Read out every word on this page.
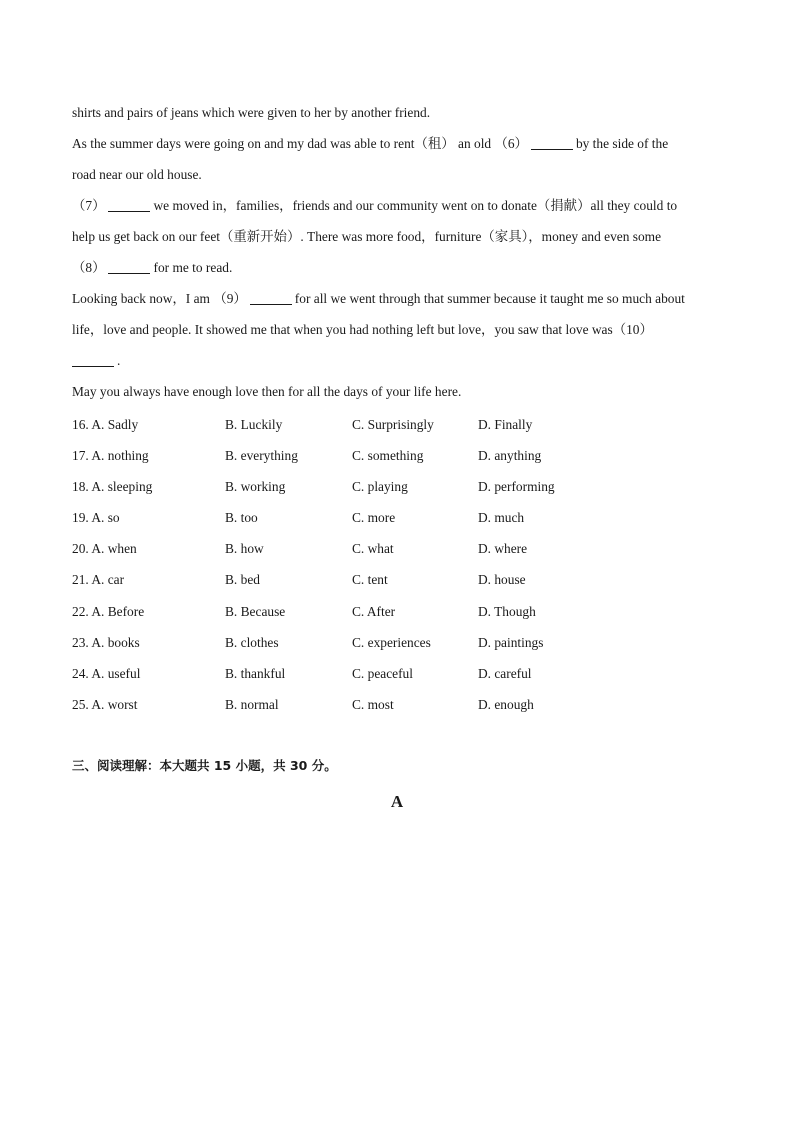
shirts and pairs of jeans which were given to her by another friend.
As the summer days were going on and my dad was able to rent（租） an old （6）	by the side of the
road near our old house.
（7）	we moved in，families，friends and our community went on to donate（捐献）all they could to
help us get back on our feet（重新开始）. There was more food，furniture（家具），money and even some
（8）	for me to read.
Looking back now，I am （9）	for all we went through that summer because it taught me so much about
life，love and people. It showed me that when you had nothing left but love，you saw that love was（10）
.
May you always have enough love then for all the days of your life here.
16. A. Sadly	B. Luckily	C. Surprisingly	D. Finally
17. A. nothing	B. everything	C. something	D. anything
18. A. sleeping	B. working	C. playing	D. performing
19. A. so	B. too	C. more	D. much
20. A. when	B. how	C. what	D. where
21. A. car	B. bed	C. tent	D. house
22. A. Before	B. Because	C. After	D. Though
23. A. books	B. clothes	C. experiences	D. paintings
24. A. useful	B. thankful	C. peaceful	D. careful
25. A. worst	B. normal	C. most	D. enough
三、阅读理解：本大题共 15 小题，共 30 分。
A
